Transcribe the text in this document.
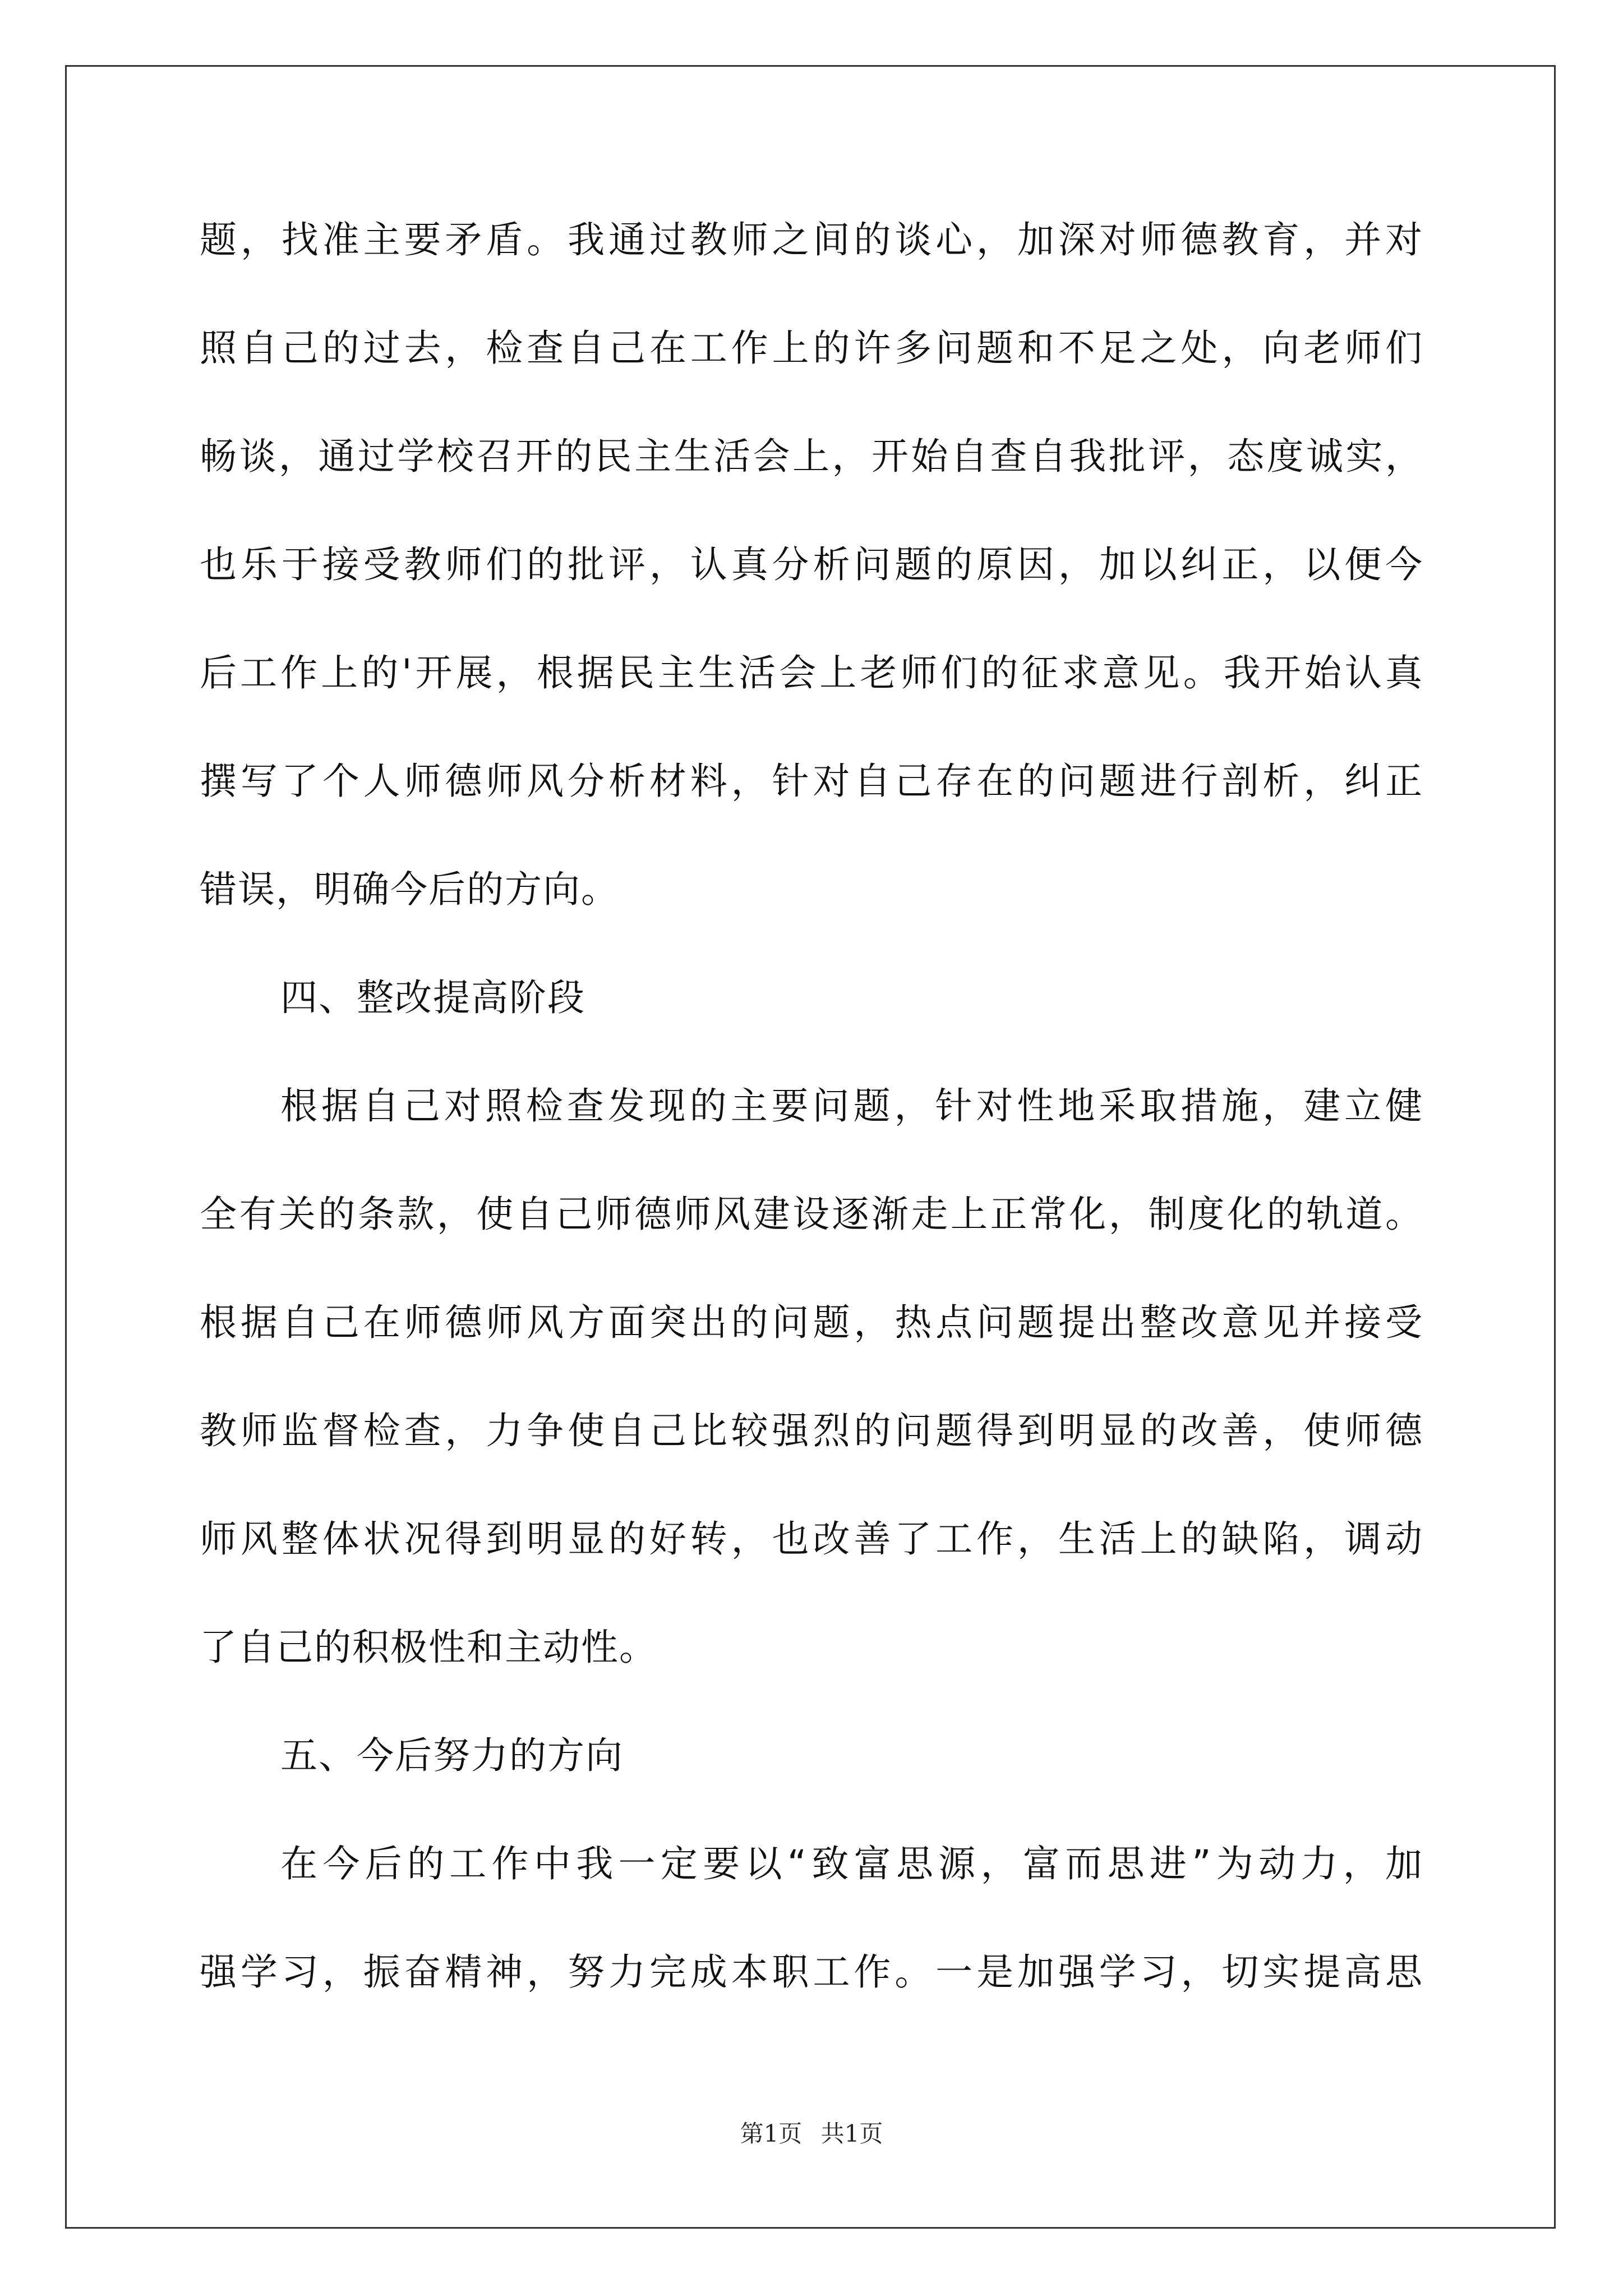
题，找准主要矛盾。我通过教师之间的谈心，加深对师德教育，并对
照自己的过去，检查自己在工作上的许多问题和不足之处，向老师们
畅谈，通过学校召开的民主生活会上，开始自查自我批评，态度诚实，
也乐于接受教师们的批评，认真分析问题的原因，加以纠正，以便今
后工作上的'开展，根据民主生活会上老师们的征求意见。我开始认真
撰写了个人师德师风分析材料，针对自己存在的问题进行剖析，纠正
错误，明确今后的方向。
四、整改提高阶段
根据自己对照检查发现的主要问题，针对性地采取措施，建立健
全有关的条款，使自己师德师风建设逐渐走上正常化，制度化的轨道。
根据自己在师德师风方面突出的问题，热点问题提出整改意见并接受
教师监督检查，力争使自己比较强烈的问题得到明显的改善，使师德
师风整体状况得到明显的好转，也改善了工作，生活上的缺陷，调动
了自己的积极性和主动性。
五、今后努力的方向
在今后的工作中我一定要以“致富思源，富而思进”为动力，加
强学习，振奋精神，努力完成本职工作。一是加强学习，切实提高思
第1页 共1页
